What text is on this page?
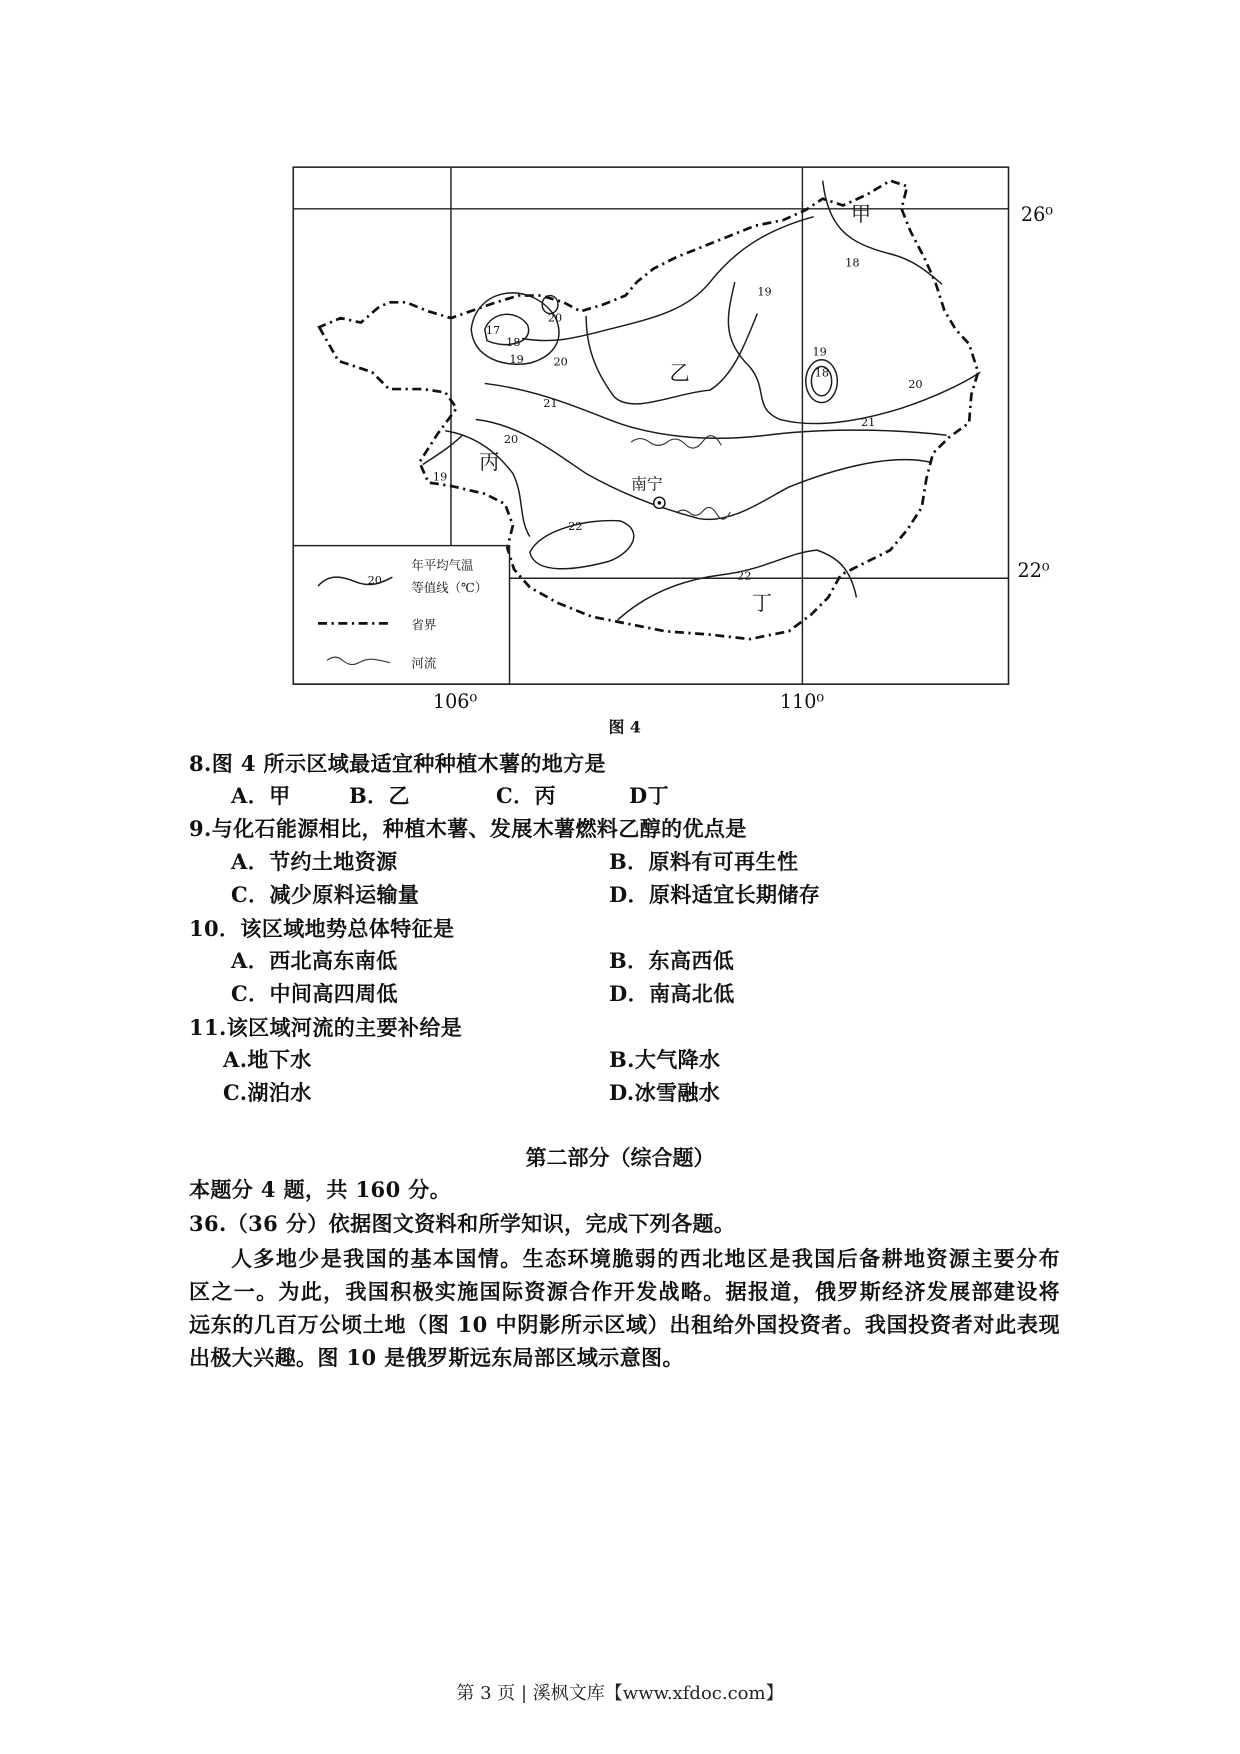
甲
乙
丙
丁
南宁
18
19
19
18
20
21
17
18
19	20
20
21
20
19
22
22
20
年平均气温
等值线（℃）
省界
河流
26⁰
22⁰
106⁰	110⁰
图 4
8.图 4 所示区域最适宜种种植木薯的地方是
A．甲	B．乙	C．丙	D丁
9.与化石能源相比，种植木薯、发展木薯燃料乙醇的优点是
A．节约土地资源	B．原料有可再生性
C．减少原料运输量	D．原料适宜长期储存
10．该区域地势总体特征是
A．西北高东南低	B．东高西低
C．中间高四周低	D．南高北低
11.该区域河流的主要补给是
A.地下水	B.大气降水
C.湖泊水	D.冰雪融水
第二部分（综合题）
本题分 4 题，共 160 分。
36.（36 分）依据图文资料和所学知识，完成下列各题。
人多地少是我国的基本国情。生态环境脆弱的西北地区是我国后备耕地资源主要分布
区之一。为此，我国积极实施国际资源合作开发战略。据报道，俄罗斯经济发展部建设将
远东的几百万公顷土地（图 10 中阴影所示区域）出租给外国投资者。我国投资者对此表现
出极大兴趣。图 10 是俄罗斯远东局部区域示意图。
第 3 页 | 溪枫文库【www.xfdoc.com】
